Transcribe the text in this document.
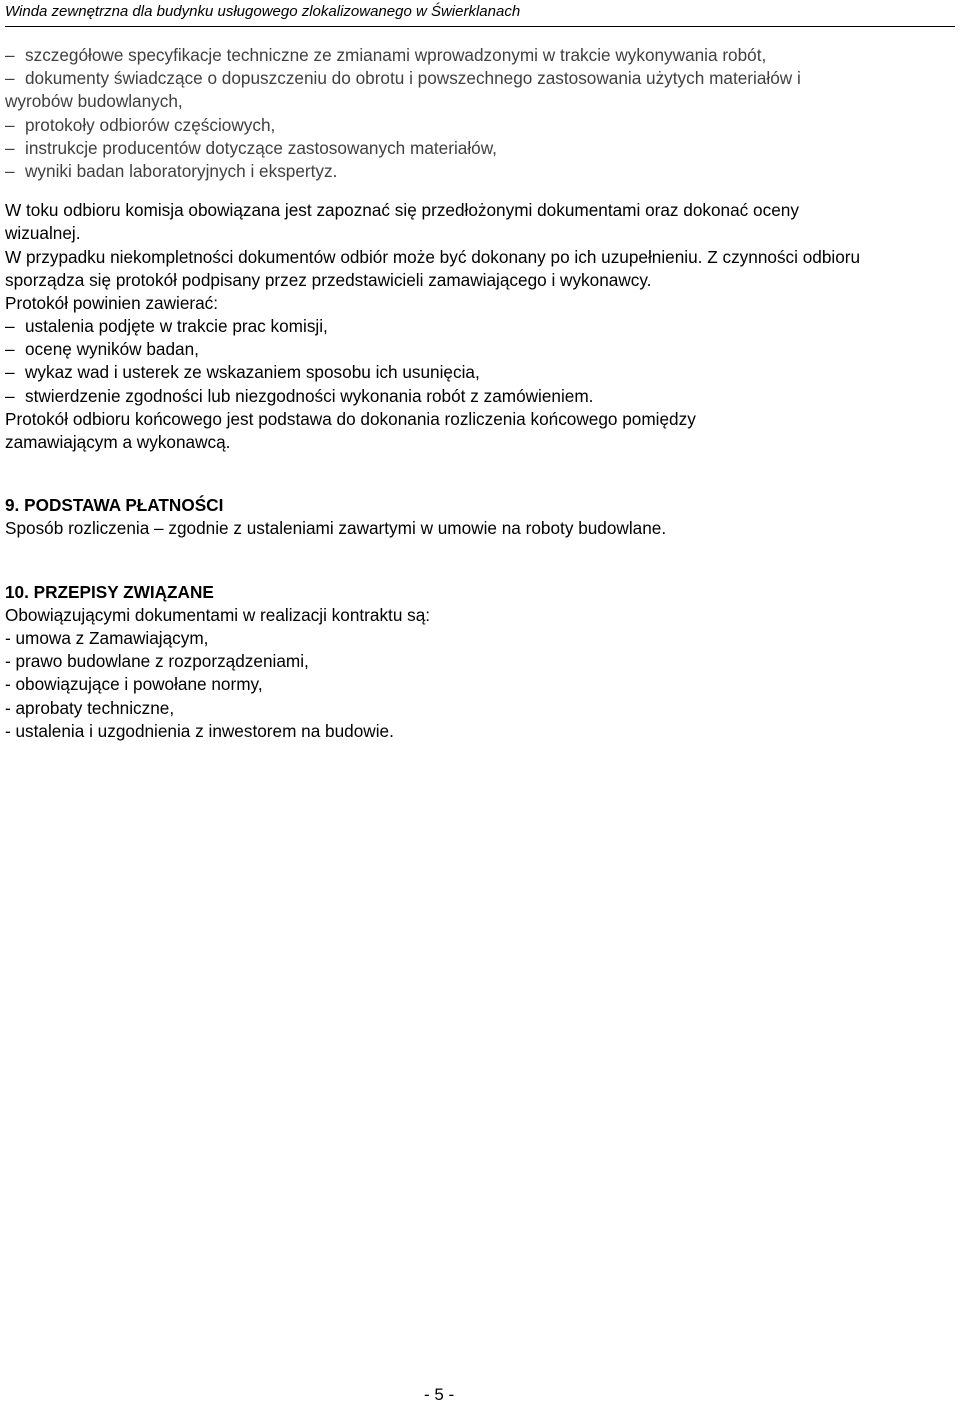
Winda zewnętrzna dla budynku usługowego zlokalizowanego w Świerklanach
– szczegółowe specyfikacje techniczne ze zmianami wprowadzonymi w trakcie wykonywania robót,
– dokumenty świadczące o dopuszczeniu do obrotu i powszechnego zastosowania użytych materiałów i
wyrobów budowlanych,
– protokoły odbiorów częściowych,
– instrukcje producentów dotyczące zastosowanych materiałów,
– wyniki badan laboratoryjnych i ekspertyz.
W toku odbioru komisja obowiązana jest zapoznać się przedłożonymi dokumentami oraz dokonać oceny
wizualnej.
W przypadku niekompletności dokumentów odbiór może być dokonany po ich uzupełnieniu. Z czynności odbioru
sporządza się protokół podpisany przez przedstawicieli zamawiającego i wykonawcy.
Protokół powinien zawierać:
– ustalenia podjęte w trakcie prac komisji,
– ocenę wyników badan,
– wykaz wad i usterek ze wskazaniem sposobu ich usunięcia,
– stwierdzenie zgodności lub niezgodności wykonania robót z zamówieniem.
Protokół odbioru końcowego jest podstawa do dokonania rozliczenia końcowego pomiędzy
zamawiającym a wykonawcą.
9. PODSTAWA PŁATNOŚCI
Sposób rozliczenia – zgodnie z ustaleniami zawartymi w umowie na roboty budowlane.
10. PRZEPISY ZWIĄZANE
Obowiązującymi dokumentami w realizacji kontraktu są:
- umowa z Zamawiającym,
- prawo budowlane z rozporządzeniami,
- obowiązujące i powołane normy,
- aprobaty techniczne,
- ustalenia i uzgodnienia z inwestorem na budowie.
- 5 -
